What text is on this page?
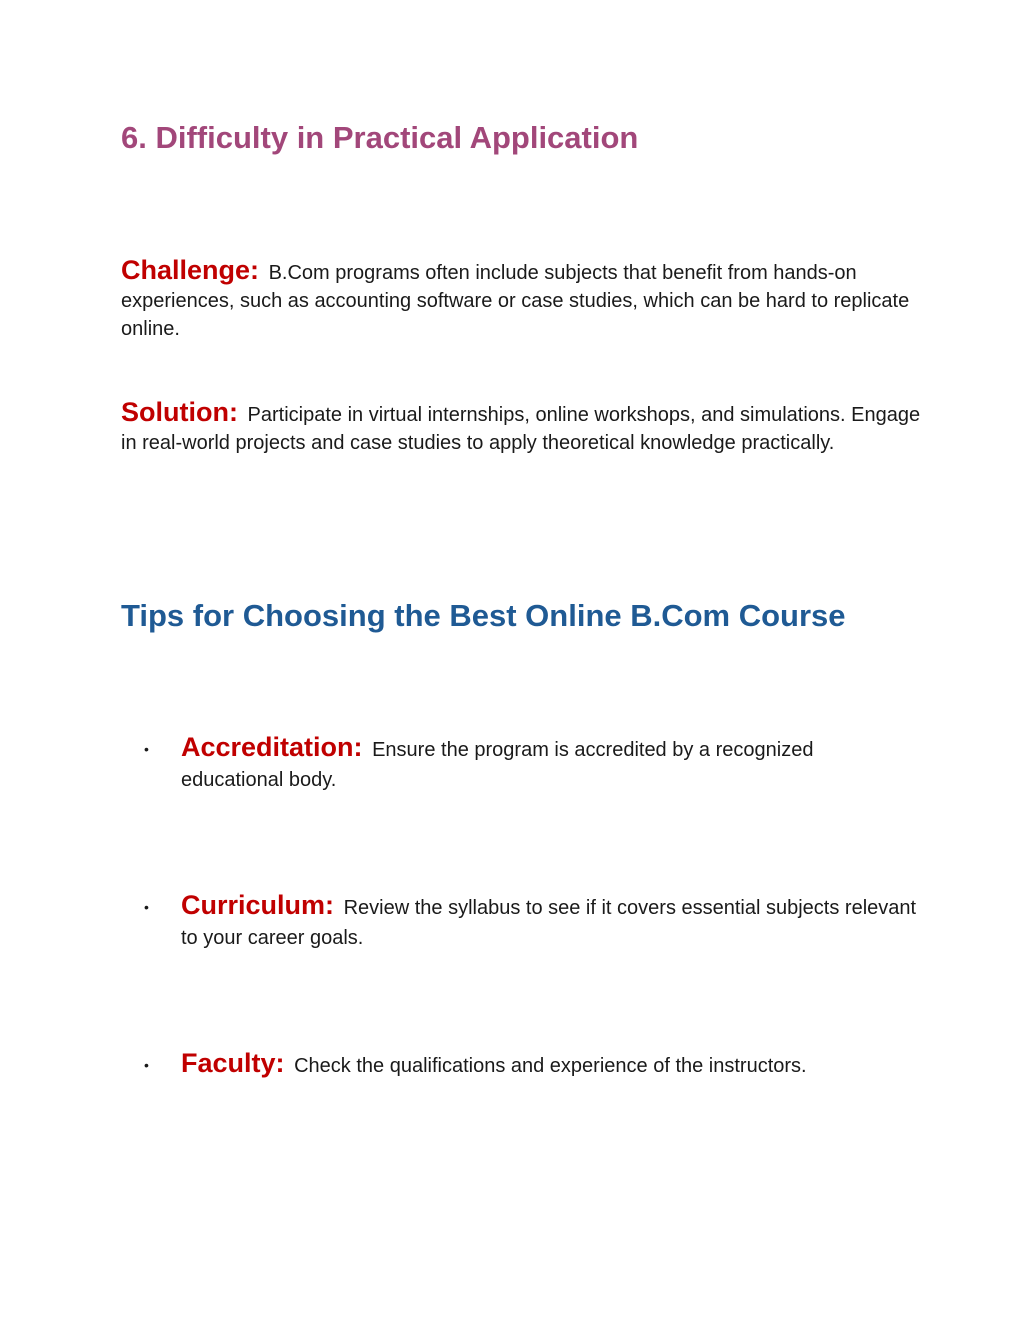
6. Difficulty in Practical Application

Challenge: B.Com programs often include subjects that benefit from hands-on experiences, such as accounting software or case studies, which can be hard to replicate online.

Solution: Participate in virtual internships, online workshops, and simulations. Engage in real-world projects and case studies to apply theoretical knowledge practically.

Tips for Choosing the Best Online B.Com Course
• Accreditation: Ensure the program is accredited by a recognized educational body.
• Curriculum: Review the syllabus to see if it covers essential subjects relevant to your career goals.
• Faculty: Check the qualifications and experience of the instructors.
